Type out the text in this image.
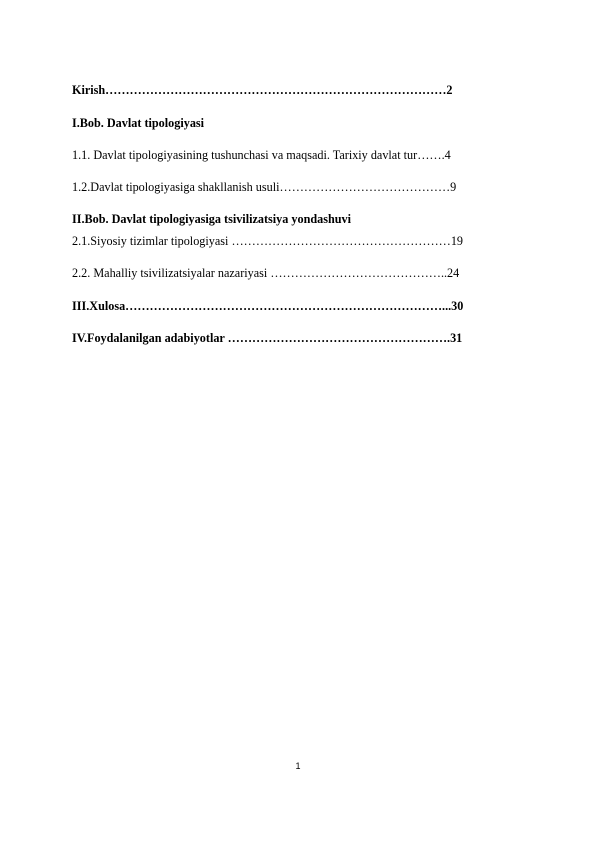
Kirish…………………………………………………………………………2

I.Bob. Davlat tipologiyasi

1.1. Davlat tipologiyasining tushunchasi va maqsadi. Tarixiy davlat tur…….4

1.2.Davlat tipologiyasiga shakllanish usuli……………………………………9

II.Bob. Davlat tipologiyasiga tsivilizatsiya yondashuvi

2.1.Siyosiy tizimlar tipologiyasi ………………………………………………19

2.2. Mahalliy tsivilizatsiyalar nazariyasi ……………………………………..24

III.Xulosa……………………………………………………………………...30

IV.Foydalanilgan adabiyotlar ……………………………………………….31

1
